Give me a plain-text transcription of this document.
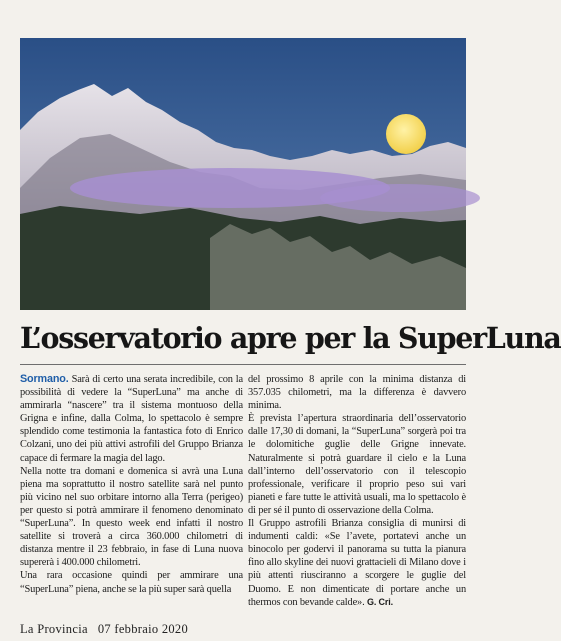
L’osservatorio apre per la SuperLuna

Sormano. Sarà di certo una serata incredibile, con la possibilità di vedere la “SuperLuna” ma anche di ammirarla “nascere” tra il sistema montuoso della Grigna e infine, dalla Colma, lo spettacolo è sempre splendido come testimonia la fantastica foto di Enrico Colzani, uno dei più attivi astrofili del Gruppo Brianza capace di fermare la magia del lago.

Nella notte tra domani e domenica si avrà una Luna piena ma soprattutto il nostro satellite sarà nel punto più vicino nel suo orbitare intorno alla Terra (perigeo) per questo si potrà ammirare il fenomeno denominato “SuperLuna”. In questo week end infatti il nostro satellite si troverà a circa 360.000 chilometri di distanza mentre il 23 febbraio, in fase di Luna nuova supererà i 400.000 chilometri.

Una rara occasione quindi per ammirare una “SuperLuna” piena, anche se la più super sarà quella

del prossimo 8 aprile con la minima distanza di 357.035 chilometri, ma la differenza è davvero minima.

È prevista l’apertura straordinaria dell’osservatorio dalle 17,30 di domani, la “SuperLuna” sorgerà poi tra le dolomitiche guglie delle Grigne innevate. Naturalmente si potrà guardare il cielo e la Luna dall’interno dell’osservatorio con il telescopio professionale, verificare il proprio peso sui vari pianeti e fare tutte le attività usuali, ma lo spettacolo è di per sé il punto di osservazione della Colma.

Il Gruppo astrofili Brianza consiglia di munirsi di indumenti caldi: «Se l’avete, portatevi anche un binocolo per godervi il panorama su tutta la pianura fino allo skyline dei nuovi grattacieli di Milano dove i più attenti riusciranno a scorgere le guglie del Duomo. E non dimenticate di portare anche un thermos con bevande calde». G. Cri.

La Provincia 07 febbraio 2020
